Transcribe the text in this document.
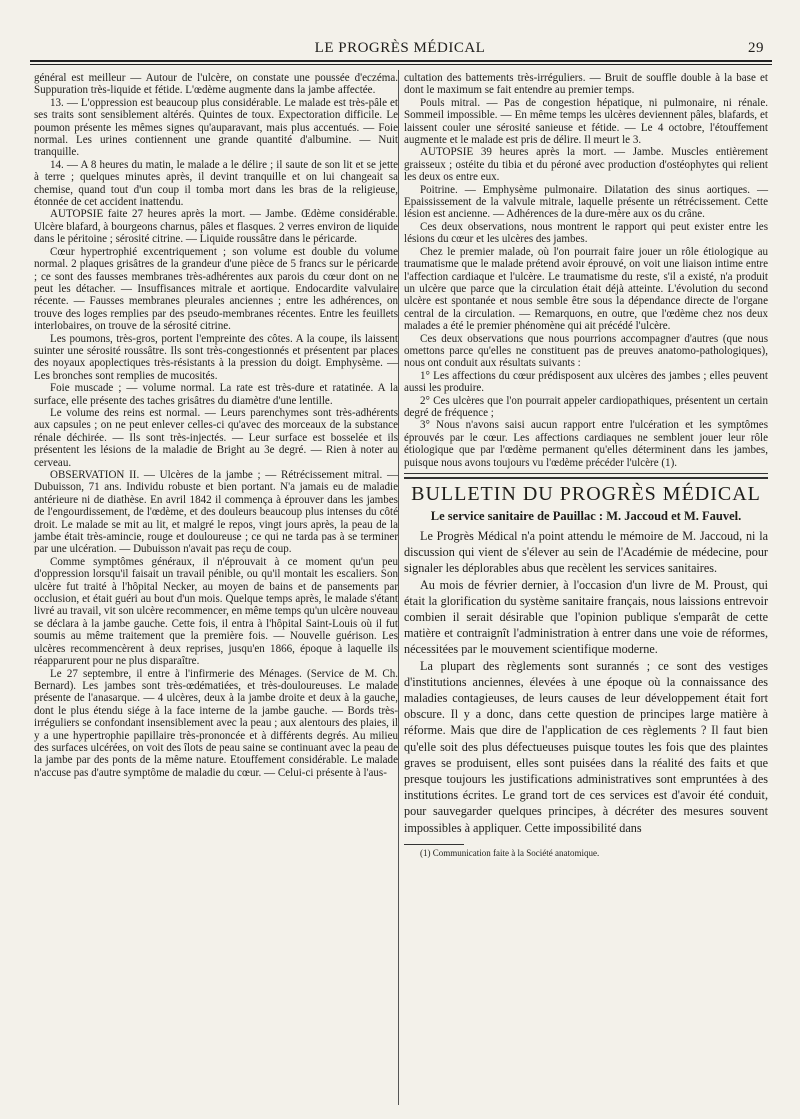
LE PROGRÈS MÉDICAL	29

général est meilleur — Autour de l'ulcère, on constate une poussée d'eczéma. Suppuration très-liquide et fétide. L'œdème augmente dans la jambe affectée.

13. — L'oppression est beaucoup plus considérable. Le malade est très-pâle et ses traits sont sensiblement altérés. Quintes de toux. Expectoration difficile. Le poumon présente les mêmes signes qu'auparavant, mais plus accentués. — Foie normal. Les urines contiennent une grande quantité d'albumine. — Nuit tranquille.

14. — A 8 heures du matin, le malade a le délire ; il saute de son lit et se jette à terre ; quelques minutes après, il devint tranquille et on lui changeait sa chemise, quand tout d'un coup il tomba mort dans les bras de la religieuse, étonnée de cet accident inattendu.

AUTOPSIE faite 27 heures après la mort. — Jambe. Œdème considérable. Ulcère blafard, à bourgeons charnus, pâles et flasques. 2 verres environ de liquide dans le péritoine ; sérosité citrine. — Liquide roussâtre dans le péricarde.

Cœur hypertrophié excentriquement ; son volume est double du volume normal. 2 plaques grisâtres de la grandeur d'une pièce de 5 francs sur le péricarde ; ce sont des fausses membranes très-adhérentes aux parois du cœur dont on ne peut les détacher. — Insuffisances mitrale et aortique. Endocardite valvulaire récente. — Fausses membranes pleurales anciennes ; entre les adhérences, on trouve des loges remplies par des pseudo-membranes récentes. Entre les feuillets interlobaires, on trouve de la sérosité citrine.

Les poumons, très-gros, portent l'empreinte des côtes. A la coupe, ils laissent suinter une sérosité roussâtre. Ils sont très-congestionnés et présentent par places des noyaux apoplectiques très-résistants à la pression du doigt. Emphysème. — Les bronches sont remplies de mucosités.

Foie muscade ; — volume normal. La rate est très-dure et ratatinée. A la surface, elle présente des taches grisâtres du diamètre d'une lentille.

Le volume des reins est normal. — Leurs parenchymes sont très-adhérents aux capsules ; on ne peut enlever celles-ci qu'avec des morceaux de la substance rénale déchirée. — Ils sont très-injectés. — Leur surface est bosselée et ils présentent les lésions de la maladie de Bright au 3e degré. — Rien à noter au cerveau.

OBSERVATION II. — Ulcères de la jambe ; — Rétrécissement mitral. — Dubuisson, 71 ans. Individu robuste et bien portant. N'a jamais eu de maladie antérieure ni de diathèse. En avril 1842 il commença à éprouver dans les jambes de l'engourdissement, de l'œdème, et des douleurs beaucoup plus intenses du côté droit. Le malade se mit au lit, et malgré le repos, vingt jours après, la peau de la jambe était très-amincie, rouge et douloureuse ; ce qui ne tarda pas à se terminer par une ulcération. — Dubuisson n'avait pas reçu de coup.

Comme symptômes généraux, il n'éprouvait à ce moment qu'un peu d'oppression lorsqu'il faisait un travail pénible, ou qu'il montait les escaliers. Son ulcère fut traité à l'hôpital Necker, au moyen de bains et de pansements par occlusion, et était guéri au bout d'un mois. Quelque temps après, le malade s'étant livré au travail, vit son ulcère recommencer, en même temps qu'un ulcère nouveau se déclara à la jambe gauche. Cette fois, il entra à l'hôpital Saint-Louis où il fut soumis au même traitement que la première fois. — Nouvelle guérison. Les ulcères recommencèrent à deux reprises, jusqu'en 1866, époque à laquelle ils réapparurent pour ne plus disparaître.

Le 27 septembre, il entre à l'infirmerie des Ménages. (Service de M. Ch. Bernard). Les jambes sont très-œdématiées, et très-douloureuses. Le malade présente de l'anasarque. — 4 ulcères, deux à la jambe droite et deux à la gauche, dont le plus étendu siége à la face interne de la jambe gauche. — Bords très-irréguliers se confondant insensiblement avec la peau ; aux alentours des plaies, il y a une hypertrophie papillaire très-prononcée et à différents degrés. Au milieu des surfaces ulcérées, on voit des îlots de peau saine se continuant avec la peau de la jambe par des ponts de la même nature. Etouffement considérable. Le malade n'accuse pas d'autre symptôme de maladie du cœur. — Celui-ci présente à l'aus-

cultation des battements très-irréguliers. — Bruit de souffle double à la base et dont le maximum se fait entendre au premier temps.

Pouls mitral. — Pas de congestion hépatique, ni pulmonaire, ni rénale. Sommeil impossible. — En même temps les ulcères deviennent pâles, blafards, et laissent couler une sérosité sanieuse et fétide. — Le 4 octobre, l'étouffement augmente et le malade est pris de délire. Il meurt le 3.

AUTOPSIE 39 heures après la mort. — Jambe. Muscles entièrement graisseux ; ostéite du tibia et du péroné avec production d'ostéophytes qui relient les deux os entre eux.

Poitrine. — Emphysème pulmonaire. Dilatation des sinus aortiques. — Epaississement de la valvule mitrale, laquelle présente un rétrécissement. Cette lésion est ancienne. — Adhérences de la dure-mère aux os du crâne.

Ces deux observations, nous montrent le rapport qui peut exister entre les lésions du cœur et les ulcères des jambes.

Chez le premier malade, où l'on pourrait faire jouer un rôle étiologique au traumatisme que le malade prétend avoir éprouvé, on voit une liaison intime entre l'affection cardiaque et l'ulcère. Le traumatisme du reste, s'il a existé, n'a produit un ulcère que parce que la circulation était déjà atteinte. L'évolution du second ulcère est spontanée et nous semble être sous la dépendance directe de l'organe central de la circulation. — Remarquons, en outre, que l'œdème chez nos deux malades a été le premier phénomène qui ait précédé l'ulcère.

Ces deux observations que nous pourrions accompagner d'autres (que nous omettons parce qu'elles ne constituent pas de preuves anatomo-pathologiques), nous ont conduit aux résultats suivants :

1° Les affections du cœur prédisposent aux ulcères des jambes ; elles peuvent aussi les produire.

2° Ces ulcères que l'on pourrait appeler cardiopathiques, présentent un certain degré de fréquence ;

3° Nous n'avons saisi aucun rapport entre l'ulcération et les symptômes éprouvés par le cœur. Les affections cardiaques ne semblent jouer leur rôle étiologique que par l'œdème permanent qu'elles déterminent dans les jambes, puisque nous avons toujours vu l'œdème précéder l'ulcère (1).

BULLETIN DU PROGRÈS MÉDICAL
Le service sanitaire de Pauillac : M. Jaccoud et M. Fauvel.

Le Progrès Médical n'a point attendu le mémoire de M. Jaccoud, ni la discussion qui vient de s'élever au sein de l'Académie de médecine, pour signaler les déplorables abus que recèlent les services sanitaires.

Au mois de février dernier, à l'occasion d'un livre de M. Proust, qui était la glorification du système sanitaire français, nous laissions entrevoir combien il serait désirable que l'opinion publique s'emparât de cette matière et contraignît l'administration à entrer dans une voie de réformes, nécessitées par le mouvement scientifique moderne.

La plupart des règlements sont surannés ; ce sont des vestiges d'institutions anciennes, élevées à une époque où la connaissance des maladies contagieuses, de leurs causes de leur développement était fort obscure. Il y a donc, dans cette question de principes large matière à réforme. Mais que dire de l'application de ces règlements ? Il faut bien qu'elle soit des plus défectueuses puisque toutes les fois que des plaintes graves se produisent, elles sont puisées dans la réalité des faits et que presque toujours les justifications administratives sont empruntées à des institutions écrites. Le grand tort de ces services est d'avoir été conduit, pour sauvegarder quelques principes, à décréter des mesures souvent impossibles à appliquer. Cette impossibilité dans

(1) Communication faite à la Société anatomique.
